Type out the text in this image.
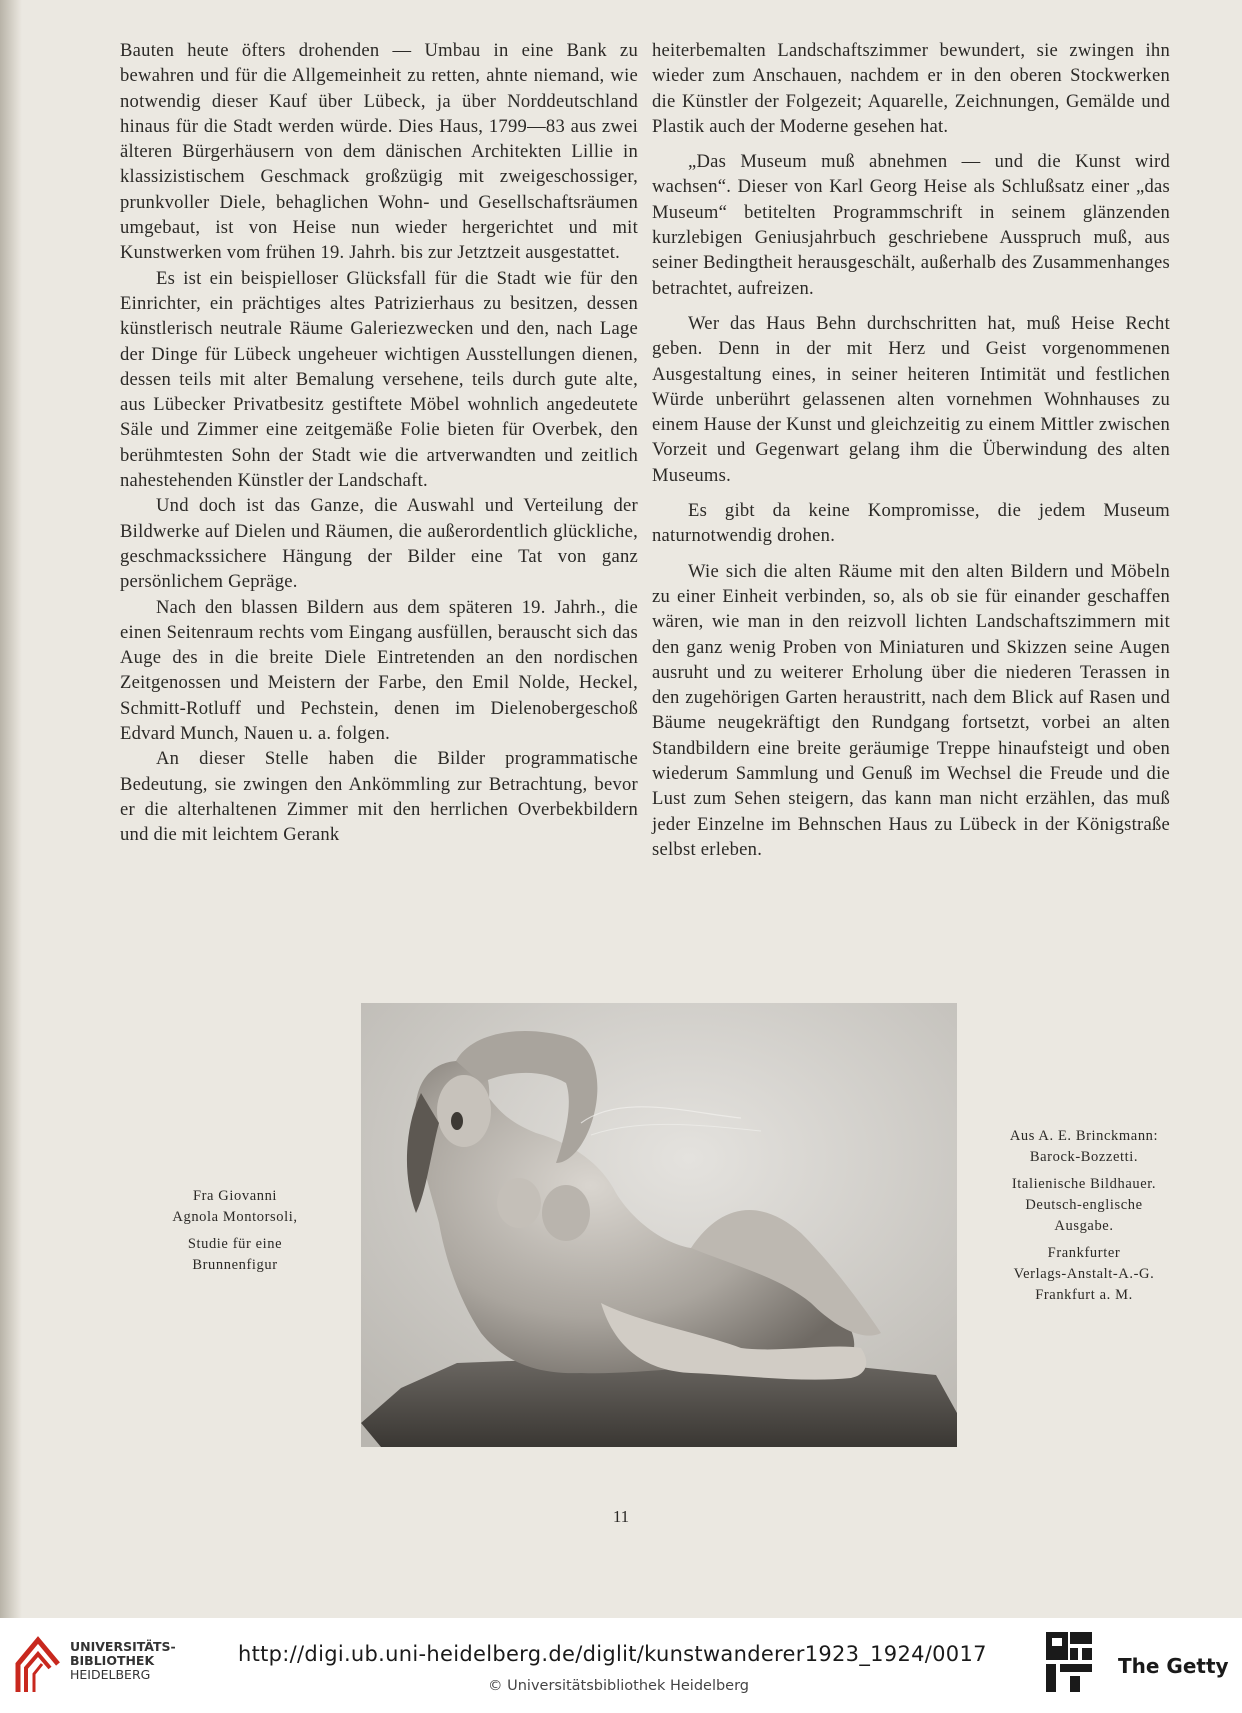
Bauten heute öfters drohenden — Umbau in eine Bank zu bewahren und für die Allgemeinheit zu retten, ahnte niemand, wie notwendig dieser Kauf über Lübeck, ja über Norddeutschland hinaus für die Stadt werden würde. Dies Haus, 1799—83 aus zwei älteren Bürgerhäusern von dem dänischen Architekten Lillie in klassizistischem Geschmack großzügig mit zweigeschossiger, prunkvoller Diele, behaglichen Wohn- und Gesellschaftsräumen umgebaut, ist von Heise nun wieder hergerichtet und mit Kunstwerken vom frühen 19. Jahrh. bis zur Jetztzeit ausgestattet.

Es ist ein beispielloser Glücksfall für die Stadt wie für den Einrichter, ein prächtiges altes Patrizierhaus zu besitzen, dessen künstlerisch neutrale Räume Galeriezwecken und den, nach Lage der Dinge für Lübeck ungeheuer wichtigen Ausstellungen dienen, dessen teils mit alter Bemalung versehene, teils durch gute alte, aus Lübecker Privatbesitz gestiftete Möbel wohnlich angedeutete Säle und Zimmer eine zeitgemäße Folie bieten für Overbek, den berühmtesten Sohn der Stadt wie die artverwandten und zeitlich nahestehenden Künstler der Landschaft.

Und doch ist das Ganze, die Auswahl und Verteilung der Bildwerke auf Dielen und Räumen, die außerordentlich glückliche, geschmackssichere Hängung der Bilder eine Tat von ganz persönlichem Gepräge.

Nach den blassen Bildern aus dem späteren 19. Jahrh., die einen Seitenraum rechts vom Eingang ausfüllen, berauscht sich das Auge des in die breite Diele Eintretenden an den nordischen Zeitgenossen und Meistern der Farbe, den Emil Nolde, Heckel, Schmitt-Rotluff und Pechstein, denen im Dielenobergeschoß Edvard Munch, Nauen u. a. folgen.

An dieser Stelle haben die Bilder programmatische Bedeutung, sie zwingen den Ankömmling zur Betrachtung, bevor er die alterhaltenen Zimmer mit den herrlichen Overbekbildern und die mit leichtem Gerank

heiterbemalten Landschaftszimmer bewundert, sie zwingen ihn wieder zum Anschauen, nachdem er in den oberen Stockwerken die Künstler der Folgezeit; Aquarelle, Zeichnungen, Gemälde und Plastik auch der Moderne gesehen hat.

„Das Museum muß abnehmen — und die Kunst wird wachsen“. Dieser von Karl Georg Heise als Schlußsatz einer „das Museum“ betitelten Programmschrift in seinem glänzenden kurzlebigen Geniusjahrbuch geschriebene Ausspruch muß, aus seiner Bedingtheit herausgeschält, außerhalb des Zusammenhanges betrachtet, aufreizen.

Wer das Haus Behn durchschritten hat, muß Heise Recht geben. Denn in der mit Herz und Geist vorgenommenen Ausgestaltung eines, in seiner heiteren Intimität und festlichen Würde unberührt gelassenen alten vornehmen Wohnhauses zu einem Hause der Kunst und gleichzeitig zu einem Mittler zwischen Vorzeit und Gegenwart gelang ihm die Überwindung des alten Museums.

Es gibt da keine Kompromisse, die jedem Museum naturnotwendig drohen.

Wie sich die alten Räume mit den alten Bildern und Möbeln zu einer Einheit verbinden, so, als ob sie für einander geschaffen wären, wie man in den reizvoll lichten Landschaftszimmern mit den ganz wenig Proben von Miniaturen und Skizzen seine Augen ausruht und zu weiterer Erholung über die niederen Terassen in den zugehörigen Garten heraustritt, nach dem Blick auf Rasen und Bäume neugekräftigt den Rundgang fortsetzt, vorbei an alten Standbildern eine breite geräumige Treppe hinaufsteigt und oben wiederum Sammlung und Genuß im Wechsel die Freude und die Lust zum Sehen steigern, das kann man nicht erzählen, das muß jeder Einzelne im Behnschen Haus zu Lübeck in der Königstraße selbst erleben.

Fra Giovanni

Agnola Montorsoli,

Studie für eine

Brunnenfigur

Aus A. E. Brinckmann:

Barock-Bozzetti.

Italienische Bildhauer.

Deutsch-englische

Ausgabe.

Frankfurter

Verlags-Anstalt-A.-G.

Frankfurt a. M.

11
UNIVERSITÄTS-
BIBLIOTHEK
HEIDELBERG
http://digi.ub.uni-heidelberg.de/diglit/kunstwanderer1923_1924/0017
© Universitätsbibliothek Heidelberg
The Getty
